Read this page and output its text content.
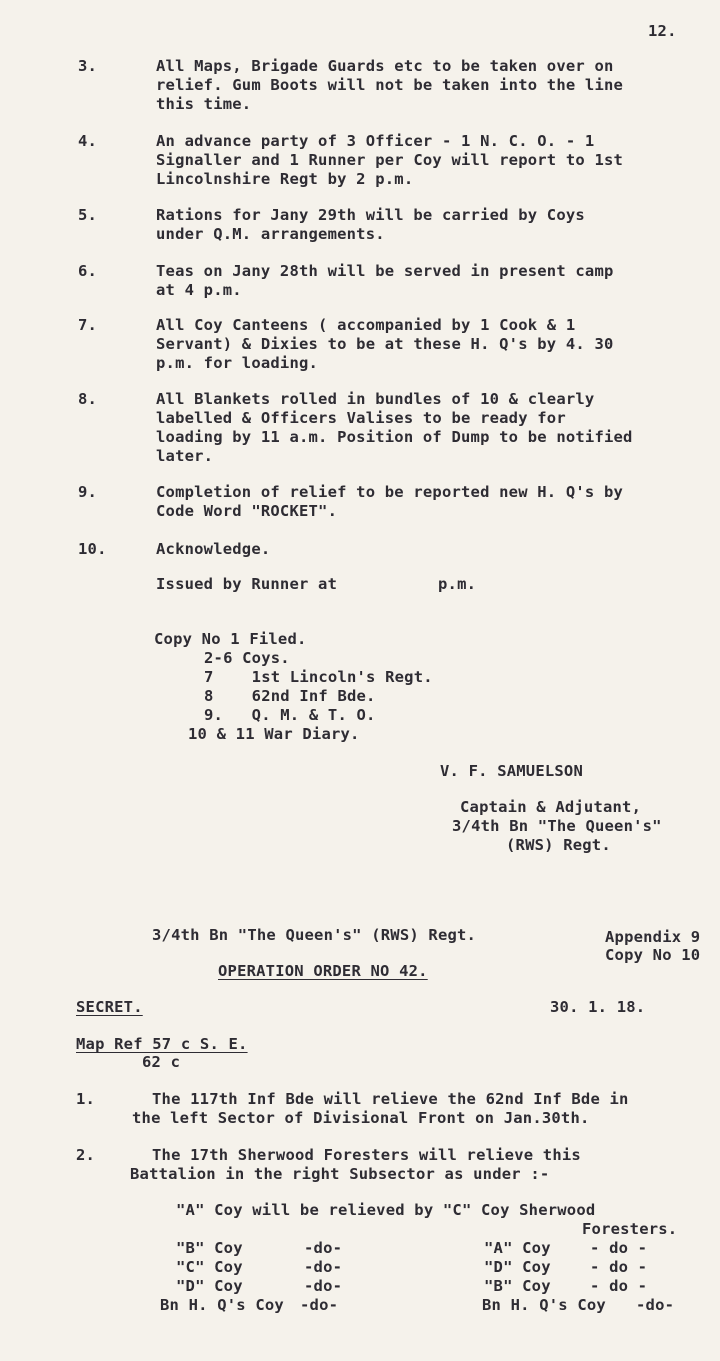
12.
3.	All Maps, Brigade Guards etc to be taken over on
relief. Gum Boots will not be taken into the line
this time.
4.	An advance party of 3 Officer - 1 N. C. O. - 1
Signaller and 1 Runner per Coy will report to 1st
Lincolnshire Regt by 2 p.m.
5.	Rations for Jany 29th will be carried by Coys
under Q.M. arrangements.
6.	Teas on Jany 28th will be served in present camp
at 4 p.m.
7.	All Coy Canteens ( accompanied by 1 Cook & 1
Servant) & Dixies to be at these H. Q's by 4. 30
p.m. for loading.
8.	All Blankets rolled in bundles of 10 & clearly
labelled & Officers Valises to be ready for
loading by 11 a.m. Position of Dump to be notified
later.
9.	Completion of relief to be reported new H. Q's by
Code Word "ROCKET".
10.	Acknowledge.
Issued by Runner at	p.m.
Copy No 1 Filed.
2-6 Coys.
7    1st Lincoln's Regt.
8    62nd Inf Bde.
9.   Q. M. & T. O.
10 & 11 War Diary.
V. F. SAMUELSON
Captain & Adjutant,
3/4th Bn "The Queen's"
(RWS) Regt.
3/4th Bn "The Queen's" (RWS) Regt.	Appendix 9
Copy No 10
OPERATION ORDER NO 42.
SECRET.	30. 1. 18.
Map Ref 57 c S. E.
62 c
1.	The 117th Inf Bde will relieve the 62nd Inf Bde in
the left Sector of Divisional Front on Jan.30th.
2.	The 17th Sherwood Foresters will relieve this
Battalion in the right Subsector as under :-
"A" Coy will be relieved by "C" Coy Sherwood
Foresters.
"B" Coy	-do-	"A" Coy	- do -
"C" Coy	-do-	"D" Coy	- do -
"D" Coy	-do-	"B" Coy	- do -
Bn H. Q's Coy -do-	Bn H. Q's Coy -do-
